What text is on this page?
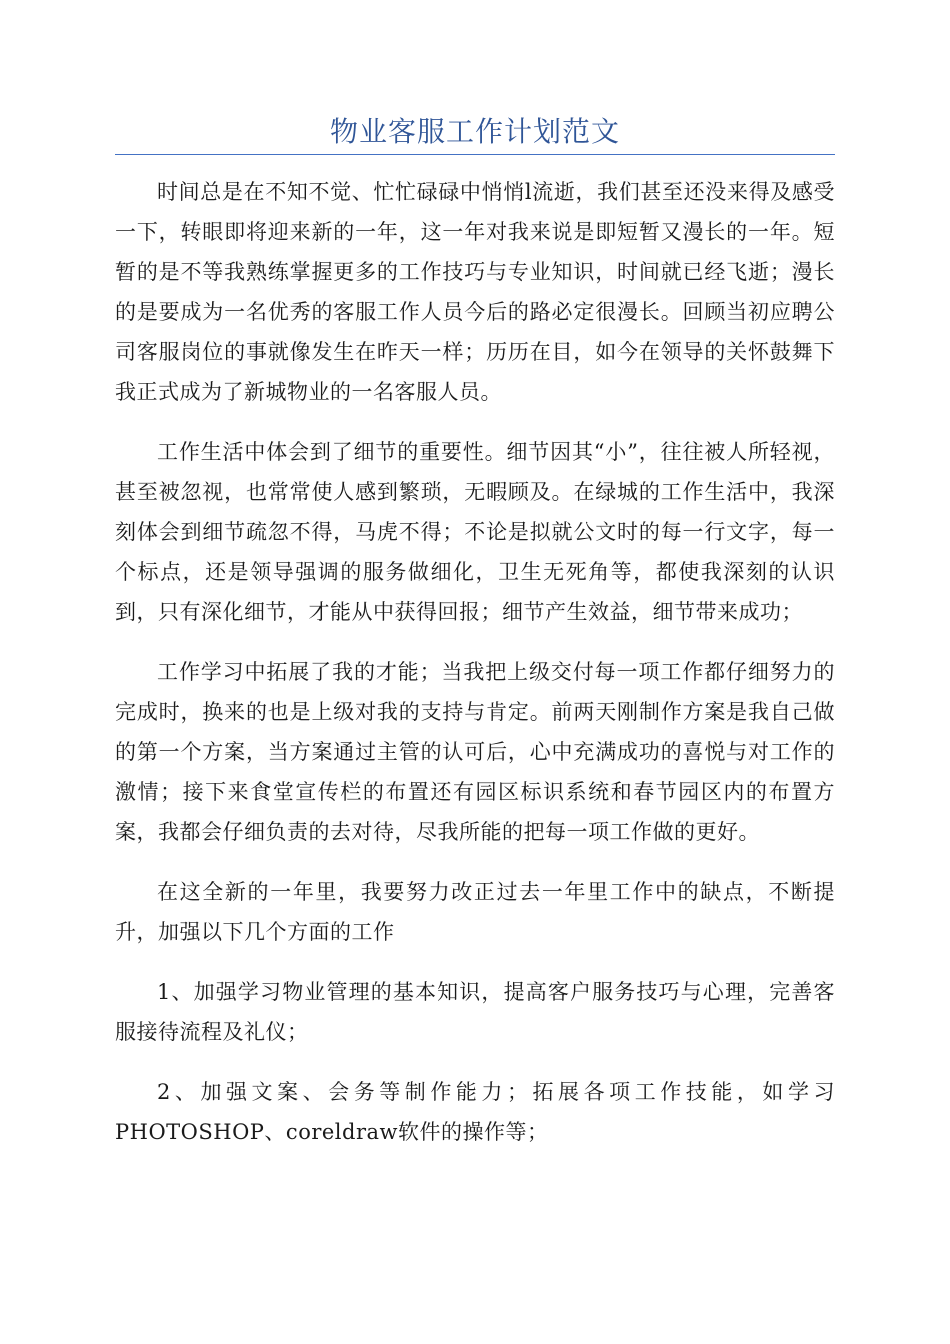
物业客服工作计划范文

时间总是在不知不觉、忙忙碌碌中悄悄l流逝，我们甚至还没来得及感受一下，转眼即将迎来新的一年，这一年对我来说是即短暂又漫长的一年。短暂的是不等我熟练掌握更多的工作技巧与专业知识，时间就已经飞逝；漫长的是要成为一名优秀的客服工作人员今后的路必定很漫长。回顾当初应聘公司客服岗位的事就像发生在昨天一样；历历在目，如今在领导的关怀鼓舞下我正式成为了新城物业的一名客服人员。

工作生活中体会到了细节的重要性。细节因其“小”，往往被人所轻视，甚至被忽视，也常常使人感到繁琐，无暇顾及。在绿城的工作生活中，我深刻体会到细节疏忽不得，马虎不得；不论是拟就公文时的每一行文字，每一个标点，还是领导强调的服务做细化，卫生无死角等，都使我深刻的认识到，只有深化细节，才能从中获得回报；细节产生效益，细节带来成功；

工作学习中拓展了我的才能；当我把上级交付每一项工作都仔细努力的完成时，换来的也是上级对我的支持与肯定。前两天刚制作方案是我自己做的第一个方案，当方案通过主管的认可后，心中充满成功的喜悦与对工作的激情；接下来食堂宣传栏的布置还有园区标识系统和春节园区内的布置方案，我都会仔细负责的去对待，尽我所能的把每一项工作做的更好。

在这全新的一年里，我要努力改正过去一年里工作中的缺点，不断提升，加强以下几个方面的工作

1、加强学习物业管理的基本知识，提高客户服务技巧与心理，完善客服接待流程及礼仪；

2、加强文案、会务等制作能力；拓展各项工作技能，如学习PHOTOSHOP、coreldraw软件的操作等；
